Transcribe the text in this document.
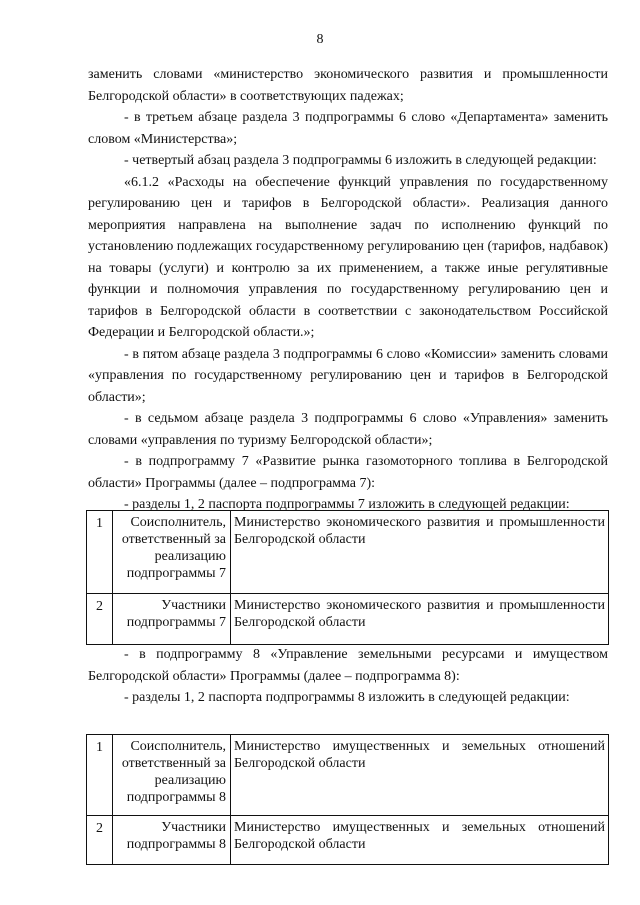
8

заменить словами «министерство экономического развития и промышленности Белгородской области» в соответствующих падежах;

- в третьем абзаце раздела 3 подпрограммы 6 слово «Департамента» заменить словом «Министерства»;

- четвертый абзац раздела 3 подпрограммы 6 изложить в следующей редакции:

«6.1.2 «Расходы на обеспечение функций управления по государственному регулированию цен и тарифов в Белгородской области». Реализация данного мероприятия направлена на выполнение задач по исполнению функций по установлению подлежащих государственному регулированию цен (тарифов, надбавок) на товары (услуги) и контролю за их применением, а также иные регулятивные функции и полномочия управления по государственному регулированию цен и тарифов в Белгородской области в соответствии с законодательством Российской Федерации и Белгородской области.»;

- в пятом абзаце раздела 3 подпрограммы 6 слово «Комиссии» заменить словами «управления по государственному регулированию цен и тарифов в Белгородской области»;

- в седьмом абзаце раздела 3 подпрограммы 6 слово «Управления» заменить словами «управления по туризму Белгородской области»;

- в подпрограмму 7 «Развитие рынка газомоторного топлива в Белгородской области» Программы (далее – подпрограмма 7):

- разделы 1, 2 паспорта подпрограммы 7 изложить в следующей редакции:

1	Соисполнитель, ответственный за реализацию подпрограммы 7	Министерство экономического развития и промышленности Белгородской области
2	Участники подпрограммы 7	Министерство экономического развития и промышленности Белгородской области

- в подпрограмму 8 «Управление земельными ресурсами и имуществом Белгородской области» Программы (далее – подпрограмма 8):

- разделы 1, 2 паспорта подпрограммы 8 изложить в следующей редакции:

1	Соисполнитель, ответственный за реализацию подпрограммы 8	Министерство имущественных и земельных отношений Белгородской области
2	Участники подпрограммы 8	Министерство имущественных и земельных отношений Белгородской области
